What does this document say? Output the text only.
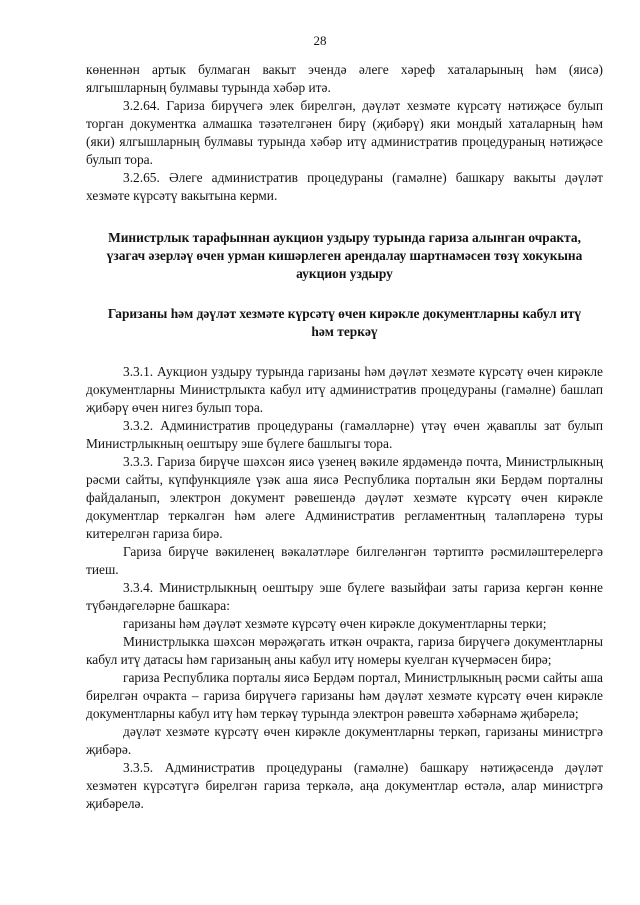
28

көненнән артык булмаган вакыт эчендә әлеге хәреф хаталарының һәм (яисә) ялгышларның булмавы турында хәбәр итә.

3.2.64. Гариза бирүчегә элек бирелгән, дәүләт хезмәте күрсәтү нәтиҗәсе булып торган документка алмашка тәзәтелгәнен бирү (җибәрү) яки мондый хаталарның һәм (яки) ялгышларның булмавы турында хәбәр итү административ процедураның нәтиҗәсе булып тора.

3.2.65. Әлеге административ процедураны (гамәлне) башкару вакыты дәүләт хезмәте күрсәтү вакытына керми.

Министрлык тарафыннан аукцион уздыру турында гариза алынган очракта, үзагач әзерләү өчен урман кишәрлеген арендалау шартнамәсен төзү хокукына аукцион уздыру

Гаризаны һәм дәүләт хезмәте күрсәтү өчен кирәкле документларны кабул итү һәм теркәү

3.3.1. Аукцион уздыру турында гаризаны һәм дәүләт хезмәте күрсәтү өчен кирәкле документларны Министрлыкта кабул итү административ процедураны (гамәлне) башлап җибәрү өчен нигез булып тора.

3.3.2. Административ процедураны (гамәлләрне) үтәү өчен җаваплы зат булып Министрлыкның оештыру эше бүлеге башлыгы тора.

3.3.3. Гариза бирүче шәхсән яисә үзенең вәкиле ярдәмендә почта, Министрлыкның рәсми сайты, күпфункцияле үзәк аша яисә Республика порталын яки Бердәм порталны файдаланып, электрон документ рәвешендә дәүләт хезмәте күрсәтү өчен кирәкле документлар теркәлгән һәм әлеге Административ регламентның таләпләренә туры китерелгән гариза бирә.

Гариза бирүче вәкиленең вәкаләтләре билгеләнгән тәртиптә рәсмиләштерелергә тиеш.

3.3.4. Министрлыкның оештыру эше бүлеге вазыйфаи заты гариза кергән көнне түбәндәгеләрне башкара:

гаризаны һәм дәүләт хезмәте күрсәтү өчен кирәкле документларны терки;

Министрлыкка шәхсән мөрәҗәгать иткән очракта, гариза бирүчегә документларны кабул итү датасы һәм гаризаның аны кабул итү номеры куелган күчермәсен бирә;

гариза Республика порталы яисә Бердәм портал, Министрлыкның рәсми сайты аша бирелгән очракта – гариза бирүчегә гаризаны һәм дәүләт хезмәте күрсәтү өчен кирәкле документларны кабул итү һәм теркәү турында электрон рәвештә хәбәрнамә җибәрелә;

дәүләт хезмәте күрсәтү өчен кирәкле документларны теркәп, гаризаны министргә җибәрә.

3.3.5. Административ процедураны (гамәлне) башкару нәтиҗәсендә дәүләт хезмәтен күрсәтүгә бирелгән гариза теркәлә, аңа документлар өстәлә, алар министргә җибәрелә.
